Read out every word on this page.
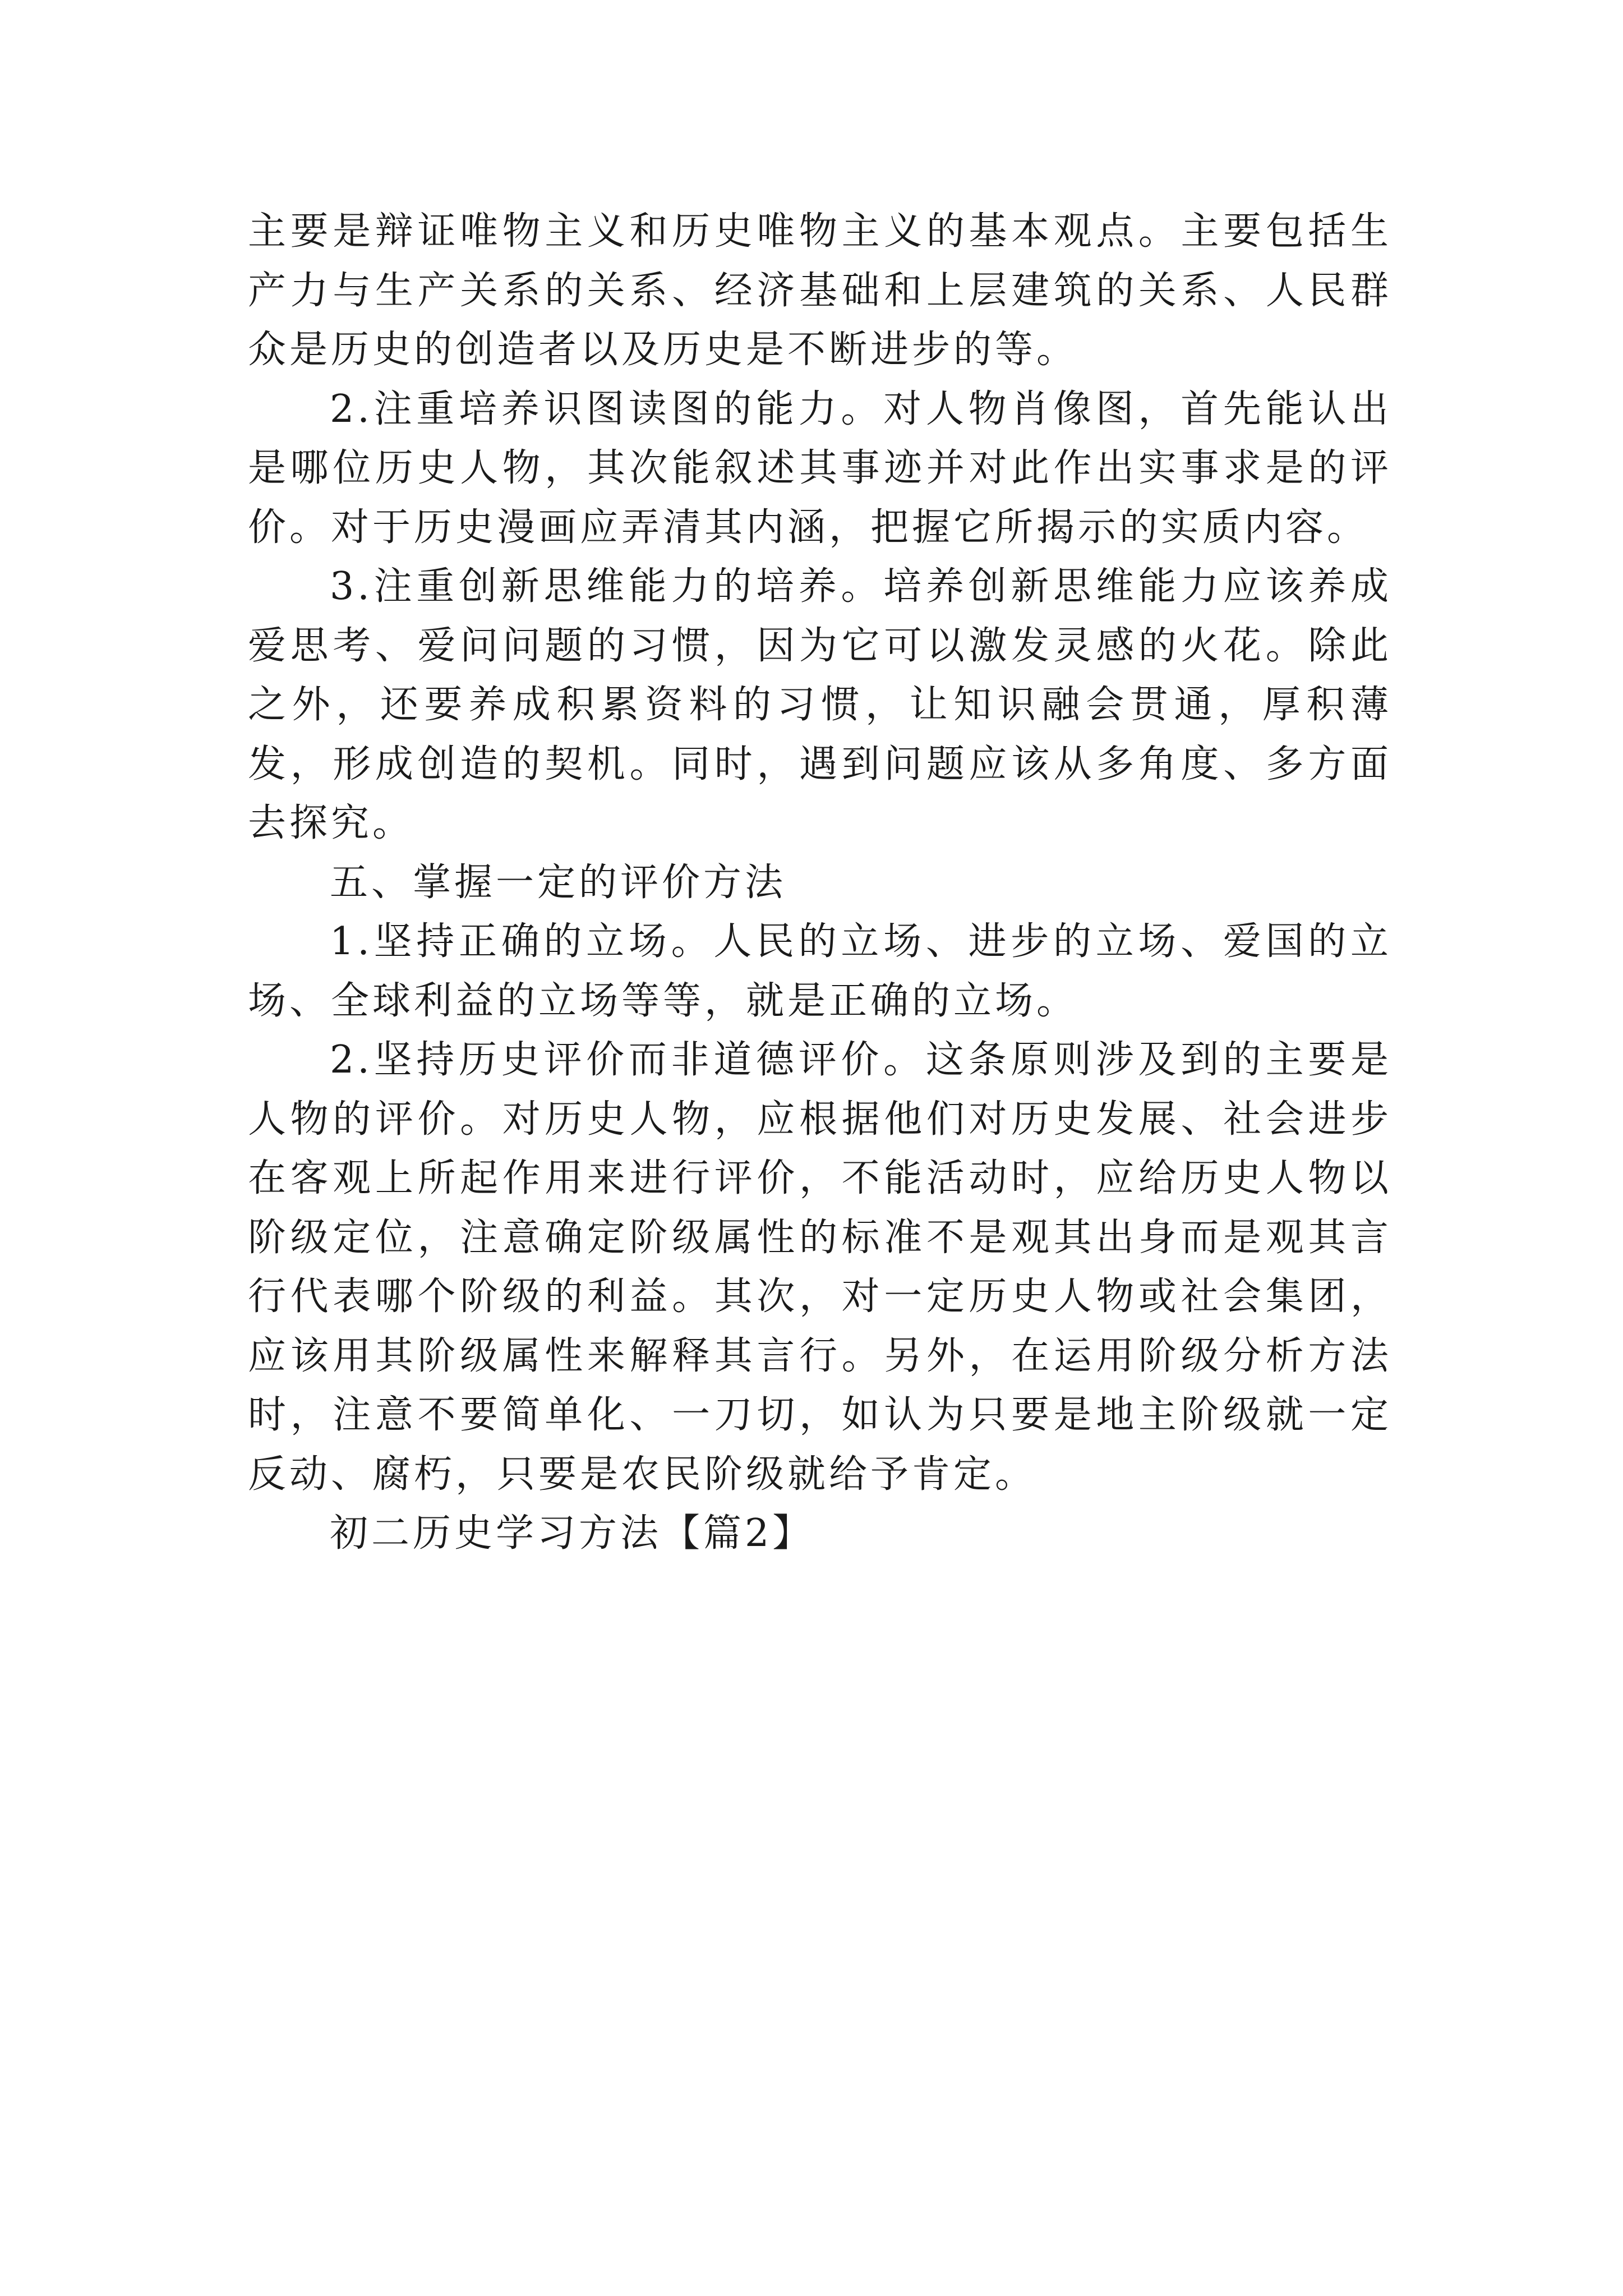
主要是辩证唯物主义和历史唯物主义的基本观点。主要包括生产力与生产关系的关系、经济基础和上层建筑的关系、人民群众是历史的创造者以及历史是不断进步的等。

2.注重培养识图读图的能力。对人物肖像图，首先能认出是哪位历史人物，其次能叙述其事迹并对此作出实事求是的评价。对于历史漫画应弄清其内涵，把握它所揭示的实质内容。

3.注重创新思维能力的培养。培养创新思维能力应该养成爱思考、爱问问题的习惯，因为它可以激发灵感的火花。除此之外，还要养成积累资料的习惯，让知识融会贯通，厚积薄发，形成创造的契机。同时，遇到问题应该从多角度、多方面去探究。

五、掌握一定的评价方法

1.坚持正确的立场。人民的立场、进步的立场、爱国的立场、全球利益的立场等等，就是正确的立场。

2.坚持历史评价而非道德评价。这条原则涉及到的主要是人物的评价。对历史人物，应根据他们对历史发展、社会进步在客观上所起作用来进行评价，不能活动时，应给历史人物以阶级定位，注意确定阶级属性的标准不是观其出身而是观其言行代表哪个阶级的利益。其次，对一定历史人物或社会集团，应该用其阶级属性来解释其言行。另外，在运用阶级分析方法时，注意不要简单化、一刀切，如认为只要是地主阶级就一定反动、腐朽，只要是农民阶级就给予肯定。

初二历史学习方法【篇2】
